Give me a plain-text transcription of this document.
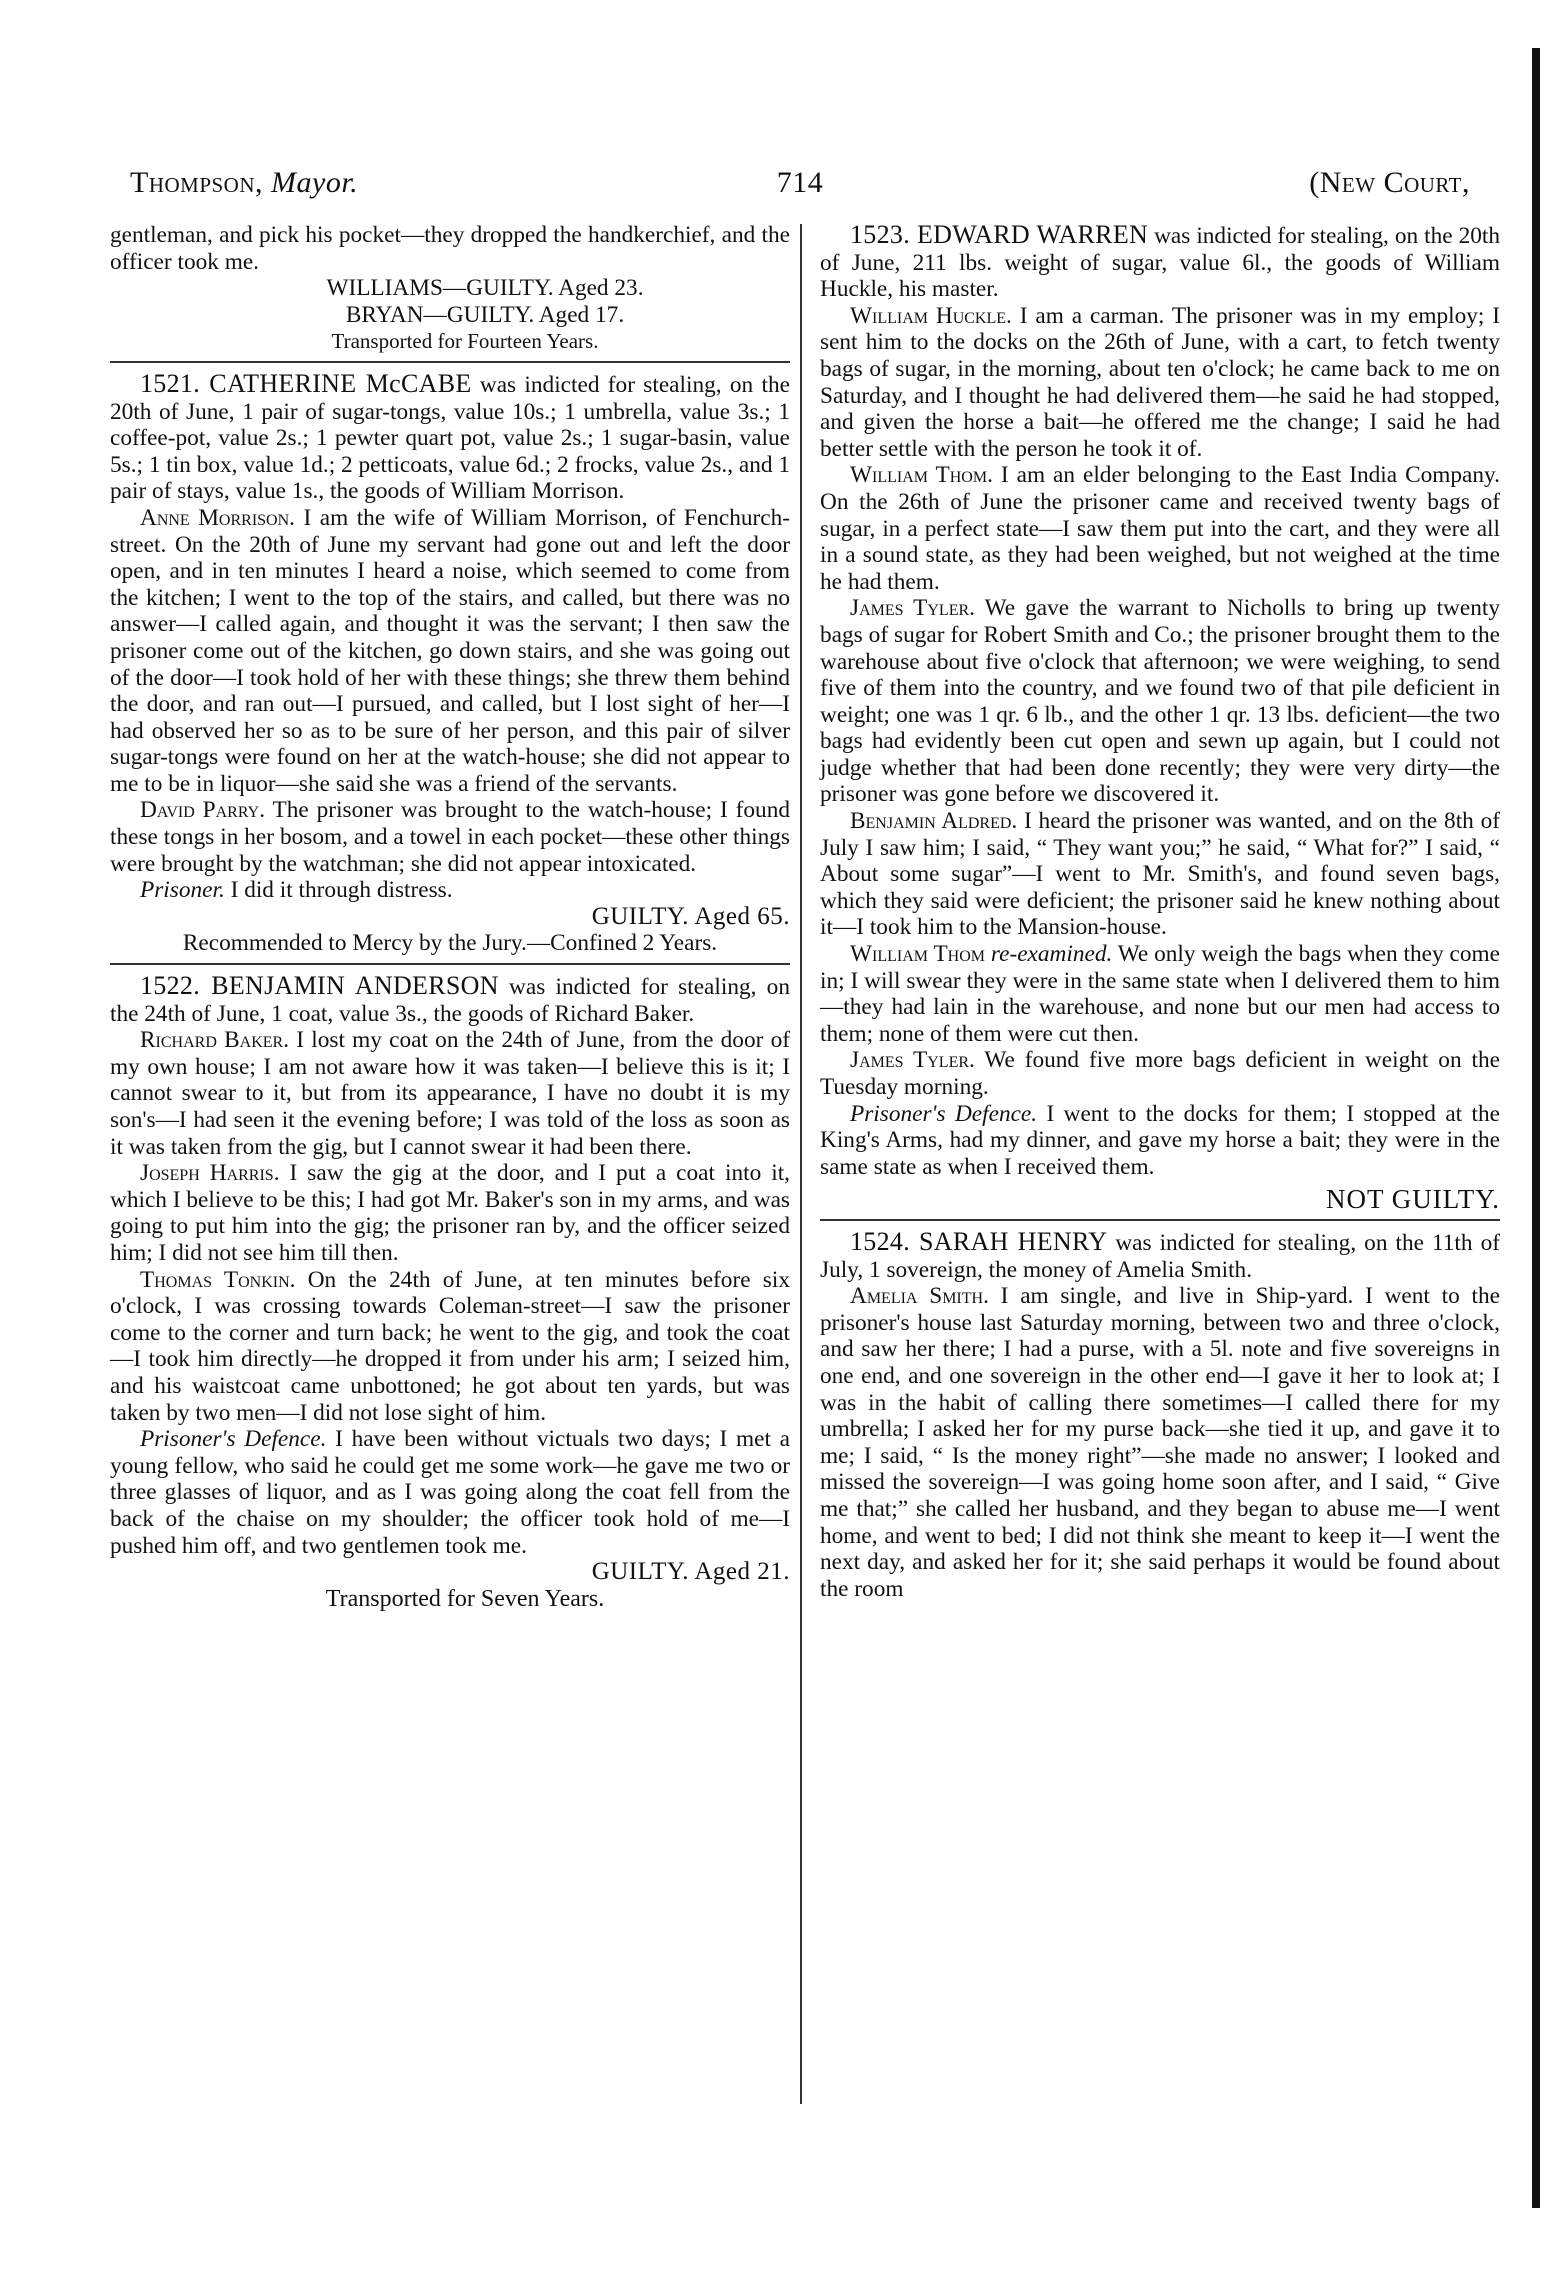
Thompson, Mayor.	714	(New Court,

gentleman, and pick his pocket—they dropped the handkerchief, and the officer took me.

WILLIAMS—GUILTY. Aged 23.

BRYAN—GUILTY. Aged 17.

Transported for Fourteen Years.

1521. CATHERINE McCABE was indicted for stealing, on the 20th of June, 1 pair of sugar-tongs, value 10s.; 1 umbrella, value 3s.; 1 coffee-pot, value 2s.; 1 pewter quart pot, value 2s.; 1 sugar-basin, value 5s.; 1 tin box, value 1d.; 2 petticoats, value 6d.; 2 frocks, value 2s., and 1 pair of stays, value 1s., the goods of William Morrison.

Anne Morrison. I am the wife of William Morrison, of Fenchurch-street. On the 20th of June my servant had gone out and left the door open, and in ten minutes I heard a noise, which seemed to come from the kitchen; I went to the top of the stairs, and called, but there was no answer—I called again, and thought it was the servant; I then saw the prisoner come out of the kitchen, go down stairs, and she was going out of the door—I took hold of her with these things; she threw them behind the door, and ran out—I pursued, and called, but I lost sight of her—I had observed her so as to be sure of her person, and this pair of silver sugar-tongs were found on her at the watch-house; she did not appear to me to be in liquor—she said she was a friend of the servants.

David Parry. The prisoner was brought to the watch-house; I found these tongs in her bosom, and a towel in each pocket—these other things were brought by the watchman; she did not appear intoxicated.

Prisoner. I did it through distress.

GUILTY. Aged 65.

Recommended to Mercy by the Jury.—Confined 2 Years.

1522. BENJAMIN ANDERSON was indicted for stealing, on the 24th of June, 1 coat, value 3s., the goods of Richard Baker.

Richard Baker. I lost my coat on the 24th of June, from the door of my own house; I am not aware how it was taken—I believe this is it; I cannot swear to it, but from its appearance, I have no doubt it is my son's—I had seen it the evening before; I was told of the loss as soon as it was taken from the gig, but I cannot swear it had been there.

Joseph Harris. I saw the gig at the door, and I put a coat into it, which I believe to be this; I had got Mr. Baker's son in my arms, and was going to put him into the gig; the prisoner ran by, and the officer seized him; I did not see him till then.

Thomas Tonkin. On the 24th of June, at ten minutes before six o'clock, I was crossing towards Coleman-street—I saw the prisoner come to the corner and turn back; he went to the gig, and took the coat—I took him directly—he dropped it from under his arm; I seized him, and his waistcoat came unbottoned; he got about ten yards, but was taken by two men—I did not lose sight of him.

Prisoner's Defence. I have been without victuals two days; I met a young fellow, who said he could get me some work—he gave me two or three glasses of liquor, and as I was going along the coat fell from the back of the chaise on my shoulder; the officer took hold of me—I pushed him off, and two gentlemen took me.

GUILTY. Aged 21.

Transported for Seven Years.

1523. EDWARD WARREN was indicted for stealing, on the 20th of June, 211 lbs. weight of sugar, value 6l., the goods of William Huckle, his master.

William Huckle. I am a carman. The prisoner was in my employ; I sent him to the docks on the 26th of June, with a cart, to fetch twenty bags of sugar, in the morning, about ten o'clock; he came back to me on Saturday, and I thought he had delivered them—he said he had stopped, and given the horse a bait—he offered me the change; I said he had better settle with the person he took it of.

William Thom. I am an elder belonging to the East India Company. On the 26th of June the prisoner came and received twenty bags of sugar, in a perfect state—I saw them put into the cart, and they were all in a sound state, as they had been weighed, but not weighed at the time he had them.

James Tyler. We gave the warrant to Nicholls to bring up twenty bags of sugar for Robert Smith and Co.; the prisoner brought them to the warehouse about five o'clock that afternoon; we were weighing, to send five of them into the country, and we found two of that pile deficient in weight; one was 1 qr. 6 lb., and the other 1 qr. 13 lbs. deficient—the two bags had evidently been cut open and sewn up again, but I could not judge whether that had been done recently; they were very dirty—the prisoner was gone before we discovered it.

Benjamin Aldred. I heard the prisoner was wanted, and on the 8th of July I saw him; I said, “ They want you;” he said, “ What for?” I said, “ About some sugar”—I went to Mr. Smith's, and found seven bags, which they said were deficient; the prisoner said he knew nothing about it—I took him to the Mansion-house.

William Thom re-examined. We only weigh the bags when they come in; I will swear they were in the same state when I delivered them to him—they had lain in the warehouse, and none but our men had access to them; none of them were cut then.

James Tyler. We found five more bags deficient in weight on the Tuesday morning.

Prisoner's Defence. I went to the docks for them; I stopped at the King's Arms, had my dinner, and gave my horse a bait; they were in the same state as when I received them.

NOT GUILTY.

1524. SARAH HENRY was indicted for stealing, on the 11th of July, 1 sovereign, the money of Amelia Smith.

Amelia Smith. I am single, and live in Ship-yard. I went to the prisoner's house last Saturday morning, between two and three o'clock, and saw her there; I had a purse, with a 5l. note and five sovereigns in one end, and one sovereign in the other end—I gave it her to look at; I was in the habit of calling there sometimes—I called there for my umbrella; I asked her for my purse back—she tied it up, and gave it to me; I said, “ Is the money right”—she made no answer; I looked and missed the sovereign—I was going home soon after, and I said, “ Give me that;” she called her husband, and they began to abuse me—I went home, and went to bed; I did not think she meant to keep it—I went the next day, and asked her for it; she said perhaps it would be found about the room
